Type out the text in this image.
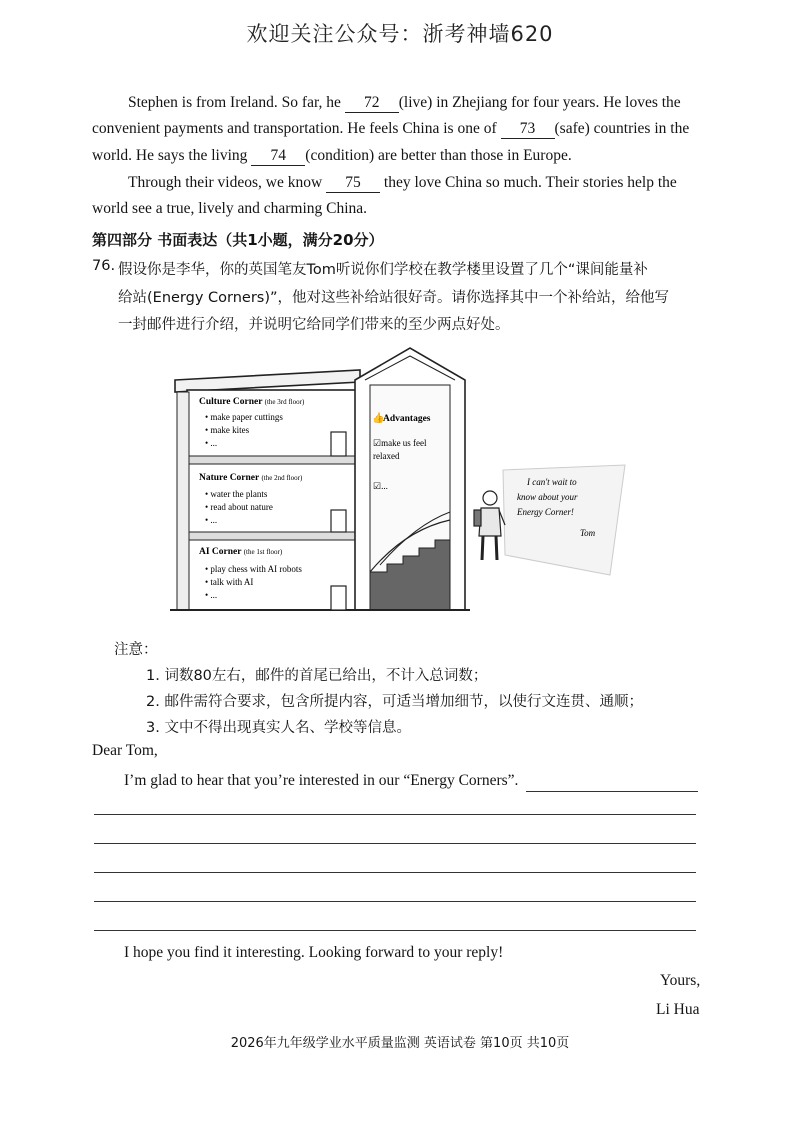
欢迎关注公众号：浙考神墙620
Stephen is from Ireland. So far, he 72 (live) in Zhejiang for four years. He loves the
convenient payments and transportation. He feels China is one of 73 (safe) countries in the
world. He says the living 74 (condition) are better than those in Europe.
Through their videos, we know 75 they love China so much. Their stories help the
world see a true, lively and charming China.
第四部分 书面表达（共1小题，满分20分）
76. 假设你是李华，你的英国笔友Tom听说你们学校在教学楼里设置了几个“课间能量补
给站(Energy Corners)”，他对这些补给站很好奇。请你选择其中一个补给站，给他写
一封邮件进行介绍，并说明它给同学们带来的至少两点好处。
Culture Corner (the 3rd floor)
• make paper cuttings
• make kites
• ...
Nature Corner (the 2nd floor)
• water the plants
• read about nature
• ...
AI Corner (the 1st floor)
• play chess with AI robots
• talk with AI
• ...
👍
Advantages
☑make us feel
relaxed
☑...	I can't wait to
know about your
Energy Corner!
Tom
注意：
1. 词数80左右，邮件的首尾已给出，不计入总词数；
2. 邮件需符合要求，包含所提内容，可适当增加细节，以使行文连贯、通顺；
3. 文中不得出现真实人名、学校等信息。
Dear Tom,
I’m glad to hear that you’re interested in our “Energy Corners”.
I hope you find it interesting. Looking forward to your reply!
Yours,
Li Hua
2026年九年级学业水平质量监测 英语试卷 第10页 共10页
